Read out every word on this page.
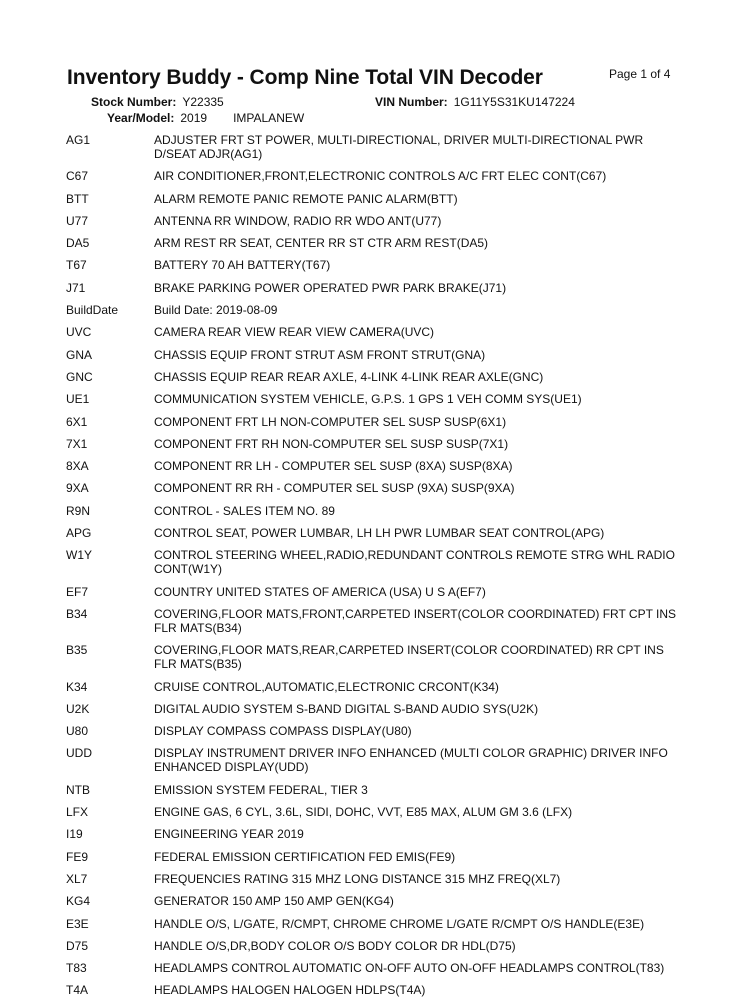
Inventory Buddy - Comp Nine Total VIN Decoder	Page 1 of 4
Stock Number: Y22335	VIN Number: 1G11Y5S31KU147224
Year/Model: 2019 IMPALANEW
AG1	ADJUSTER FRT ST POWER, MULTI-DIRECTIONAL, DRIVER MULTI-DIRECTIONAL PWR D/SEAT ADJR(AG1)
C67	AIR CONDITIONER,FRONT,ELECTRONIC CONTROLS A/C FRT ELEC CONT(C67)
BTT	ALARM REMOTE PANIC REMOTE PANIC ALARM(BTT)
U77	ANTENNA RR WINDOW, RADIO RR WDO ANT(U77)
DA5	ARM REST RR SEAT, CENTER RR ST CTR ARM REST(DA5)
T67	BATTERY 70 AH BATTERY(T67)
J71	BRAKE PARKING POWER OPERATED PWR PARK BRAKE(J71)
BuildDate	Build Date: 2019-08-09
UVC	CAMERA REAR VIEW REAR VIEW CAMERA(UVC)
GNA	CHASSIS EQUIP FRONT STRUT ASM FRONT STRUT(GNA)
GNC	CHASSIS EQUIP REAR REAR AXLE, 4-LINK 4-LINK REAR AXLE(GNC)
UE1	COMMUNICATION SYSTEM VEHICLE, G.P.S. 1 GPS 1 VEH COMM SYS(UE1)
6X1	COMPONENT FRT LH NON-COMPUTER SEL SUSP SUSP(6X1)
7X1	COMPONENT FRT RH NON-COMPUTER SEL SUSP SUSP(7X1)
8XA	COMPONENT RR LH - COMPUTER SEL SUSP (8XA) SUSP(8XA)
9XA	COMPONENT RR RH - COMPUTER SEL SUSP (9XA) SUSP(9XA)
R9N	CONTROL - SALES ITEM NO. 89
APG	CONTROL SEAT, POWER LUMBAR, LH LH PWR LUMBAR SEAT CONTROL(APG)
W1Y	CONTROL STEERING WHEEL,RADIO,REDUNDANT CONTROLS REMOTE STRG WHL RADIO CONT(W1Y)
EF7	COUNTRY UNITED STATES OF AMERICA (USA) U S A(EF7)
B34	COVERING,FLOOR MATS,FRONT,CARPETED INSERT(COLOR COORDINATED) FRT CPT INS FLR MATS(B34)
B35	COVERING,FLOOR MATS,REAR,CARPETED INSERT(COLOR COORDINATED) RR CPT INS FLR MATS(B35)
K34	CRUISE CONTROL,AUTOMATIC,ELECTRONIC CRCONT(K34)
U2K	DIGITAL AUDIO SYSTEM S-BAND DIGITAL S-BAND AUDIO SYS(U2K)
U80	DISPLAY COMPASS COMPASS DISPLAY(U80)
UDD	DISPLAY INSTRUMENT DRIVER INFO ENHANCED (MULTI COLOR GRAPHIC) DRIVER INFO ENHANCED DISPLAY(UDD)
NTB	EMISSION SYSTEM FEDERAL, TIER 3
LFX	ENGINE GAS, 6 CYL, 3.6L, SIDI, DOHC, VVT, E85 MAX, ALUM GM 3.6 (LFX)
I19	ENGINEERING YEAR 2019
FE9	FEDERAL EMISSION CERTIFICATION FED EMIS(FE9)
XL7	FREQUENCIES RATING 315 MHZ LONG DISTANCE 315 MHZ FREQ(XL7)
KG4	GENERATOR 150 AMP 150 AMP GEN(KG4)
E3E	HANDLE O/S, L/GATE, R/CMPT, CHROME CHROME L/GATE R/CMPT O/S HANDLE(E3E)
D75	HANDLE O/S,DR,BODY COLOR O/S BODY COLOR DR HDL(D75)
T83	HEADLAMPS CONTROL AUTOMATIC ON-OFF AUTO ON-OFF HEADLAMPS CONTROL(T83)
T4A	HEADLAMPS HALOGEN HALOGEN HDLPS(T4A)
